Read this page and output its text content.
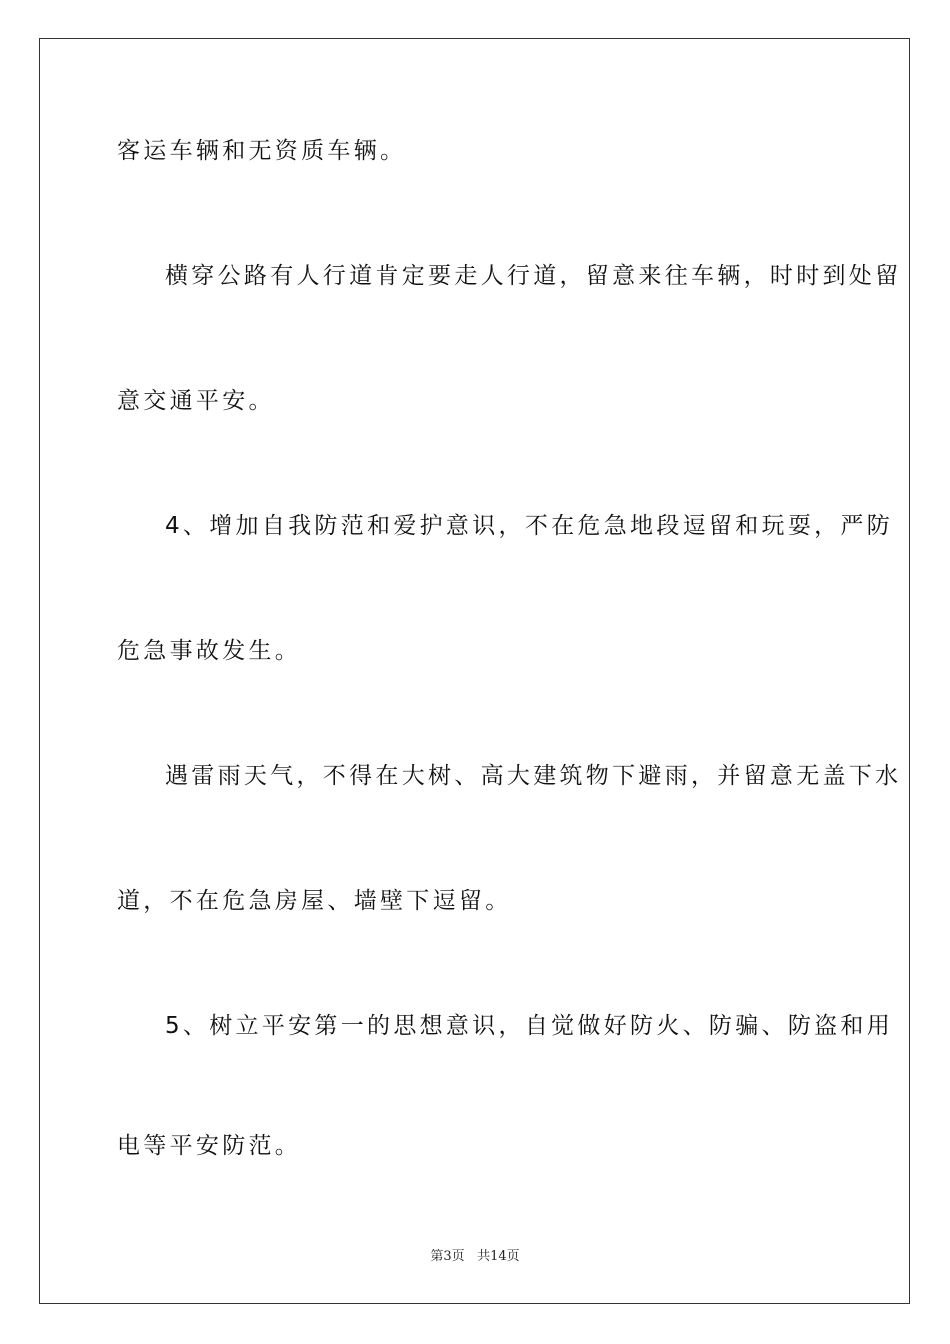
客运车辆和无资质车辆。
横穿公路有人行道肯定要走人行道，留意来往车辆，时时到处留
意交通平安。
4、增加自我防范和爱护意识，不在危急地段逗留和玩耍，严防
危急事故发生。
遇雷雨天气，不得在大树、高大建筑物下避雨，并留意无盖下水
道，不在危急房屋、墙壁下逗留。
5、树立平安第一的思想意识，自觉做好防火、防骗、防盗和用
电等平安防范。
第3页 共14页
